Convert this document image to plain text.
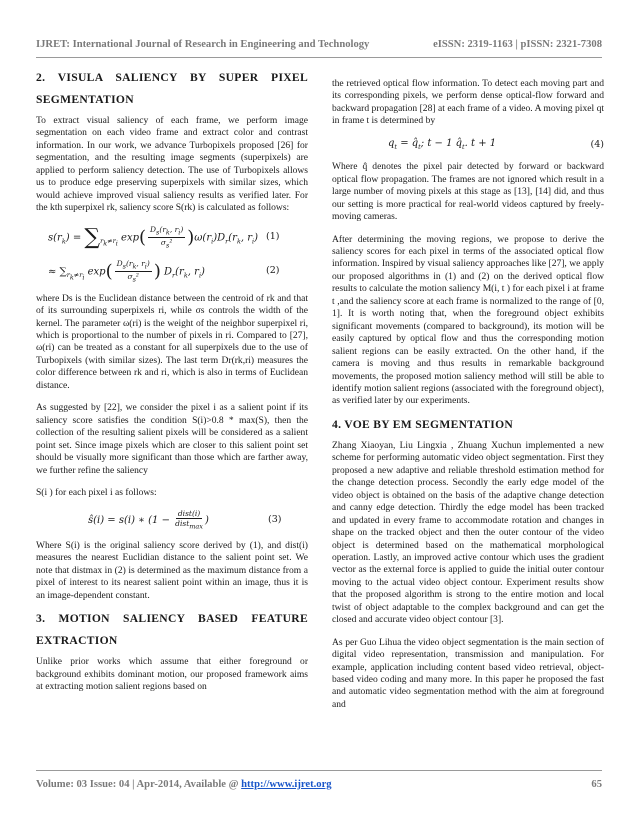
IJRET: International Journal of Research in Engineering and Technology	eISSN: 2319-1163 | pISSN: 2321-7308
2. VISULA SALIENCY BY SUPER PIXEL
SEGMENTATION

To extract visual saliency of each frame, we perform image segmentation on each video frame and extract color and contrast information. In our work, we advance Turbopixels proposed [26] for segmentation, and the resulting image segments (superpixels) are applied to perform saliency detection. The use of Turbopixels allows us to produce edge preserving superpixels with similar sizes, which would achieve improved visual saliency results as verified later. For the kth superpixel rk, saliency score S(rk) is calculated as follows:

$s(r_k) = \sum_{rk\ne ri}$ $\exp( \frac{Ds(rk, ri)}{\text{σs²}} )\omega(r_i)D_r(r_k$, $r_i$) (1)
≈ $\sum_{rk\ne ri}$ $\exp( \frac{Ds(rk, ri)}{\text{σs²}}$ ) $D_r(r_k$, $r_i$)	(2)

where Ds is the Euclidean distance between the centroid of rk and that of its surrounding superpixels ri, while σs controls the width of the kernel. The parameter ω(ri) is the weight of the neighbor superpixel ri, which is proportional to the number of pixels in ri. Compared to [27], ω(ri) can be treated as a constant for all superpixels due to the use of Turbopixels (with similar sizes). The last term Dr(rk,ri) measures the color difference between rk and ri, which is also in terms of Euclidean distance.

As suggested by [22], we consider the pixel i as a salient point if its saliency score satisfies the condition S(i)>0.8 * max(S), then the collection of the resulting salient pixels will be considered as a salient point set. Since image pixels which are closer to this salient point set should be visually more significant than those which are farther away, we further refine the saliency

S(i ) for each pixel i as follows:

ŝ(i) = s(i) ∗ ($1 - \frac{\text{dist(i)}}{\text{distmax}}$ )	(3)

Where S(i) is the original saliency score derived by (1), and dist(i) measures the nearest Euclidian distance to the salient point set. We note that distmax in (2) is determined as the maximum distance from a pixel of interest to its nearest salient point within an image, thus it is an image-dependent constant.

3. MOTION SALIENCY BASED FEATURE
EXTRACTION

Unlike prior works which assume that either foreground or background exhibits dominant motion, our proposed framework aims at extracting motion salient regions based on

the retrieved optical flow information. To detect each moving part and its corresponding pixels, we perform dense optical-flow forward and backward propagation [28] at each frame of a video. A moving pixel qt in frame t is determined by

$q_t$ = $q̂_t$; t − 1 $q̂_t$. t + 1	(4)

Where q̂ denotes the pixel pair detected by forward or backward optical flow propagation. The frames are not ignored which result in a large number of moving pixels at this stage as [13], [14] did, and thus our setting is more practical for real-world videos captured by freely-moving cameras.

After determining the moving regions, we propose to derive the saliency scores for each pixel in terms of the associated optical flow information. Inspired by visual saliency approaches like [27], we apply our proposed algorithms in (1) and (2) on the derived optical flow results to calculate the motion saliency M(i, t ) for each pixel i at frame t ,and the saliency score at each frame is normalized to the range of [0, 1]. It is worth noting that, when the foreground object exhibits significant movements (compared to background), its motion will be easily captured by optical flow and thus the corresponding motion salient regions can be easily extracted. On the other hand, if the camera is moving and thus results in remarkable background movements, the proposed motion saliency method will still be able to identify motion salient regions (associated with the foreground object), as verified later by our experiments.

4. VOE BY EM SEGMENTATION

Zhang Xiaoyan, Liu Lingxia , Zhuang Xuchun implemented a new scheme for performing automatic video object segmentation. First they proposed a new adaptive and reliable threshold estimation method for the change detection process. Secondly the early edge model of the video object is obtained on the basis of the adaptive change detection and canny edge detection. Thirdly the edge model has been tracked and updated in every frame to accommodate rotation and changes in shape on the tracked object and then the outer contour of the video object is determined based on the mathematical morphological operation. Lastly, an improved active contour which uses the gradient vector as the external force is applied to guide the initial outer contour moving to the actual video object contour. Experiment results show that the proposed algorithm is strong to the entire motion and local twist of object adaptable to the complex background and can get the closed and accurate video object contour [3].

As per Guo Lihua the video object segmentation is the main section of digital video representation, transmission and manipulation. For example, application including content based video retrieval, object-based video coding and many more. In this paper he proposed the fast and automatic video segmentation method with the aim at foreground and

Volume: 03 Issue: 04 | Apr-2014, Available @ http://www.ijret.org	65
